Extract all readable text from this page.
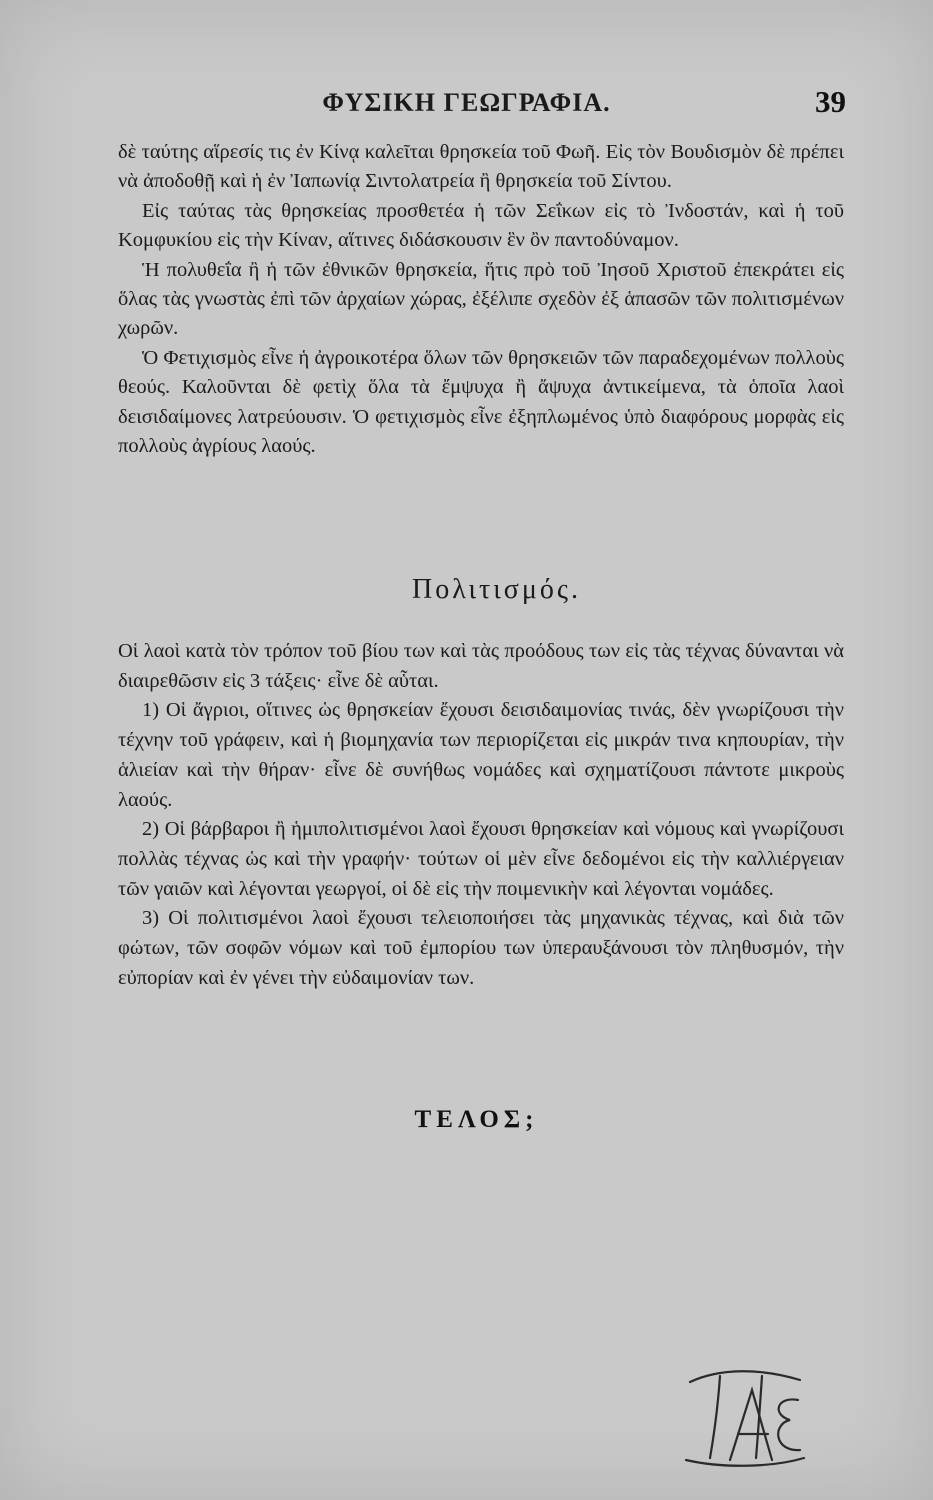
ΦΥΣΙΚΗ ΓΕΩΓΡΑΦΙΑ.	39

δὲ ταύτης αἵρεσίς τις ἐν Κίνᾳ καλεῖται θρησκεία τοῦ Φωῆ. Εἰς τὸν Βουδισμὸν δὲ πρέπει νὰ ἀποδοθῇ καὶ ἡ ἐν Ἰαπωνίᾳ Σιντολατρεία ἢ θρησκεία τοῦ Σίντου.

Εἰς ταύτας τὰς θρησκείας προσθετέα ἡ τῶν Σεΐκων εἰς τὸ Ἰνδοστάν, καὶ ἡ τοῦ Κομφυκίου εἰς τὴν Κίναν, αἵτινες διδάσκουσιν ἓν ὂν παντοδύναμον.

Ἡ πολυθεΐα ἢ ἡ τῶν ἐθνικῶν θρησκεία, ἥτις πρὸ τοῦ Ἰησοῦ Χριστοῦ ἐπεκράτει εἰς ὅλας τὰς γνωστὰς ἐπὶ τῶν ἀρχαίων χώρας, ἐξέλιπε σχεδὸν ἐξ ἁπασῶν τῶν πολιτισμένων χωρῶν.

Ὁ Φετιχισμὸς εἶνε ἡ ἀγροικοτέρα ὅλων τῶν θρησκειῶν τῶν παραδεχομένων πολλοὺς θεούς. Καλοῦνται δὲ φετὶχ ὅλα τὰ ἔμψυχα ἢ ἄψυχα ἀντικείμενα, τὰ ὁποῖα λαοὶ δεισιδαίμονες λατρεύουσιν. Ὁ φετιχισμὸς εἶνε ἐξηπλωμένος ὑπὸ διαφόρους μορφὰς εἰς πολλοὺς ἀγρίους λαούς.

Πολιτισμός.

Οἱ λαοὶ κατὰ τὸν τρόπον τοῦ βίου των καὶ τὰς προόδους των εἰς τὰς τέχνας δύνανται νὰ διαιρεθῶσιν εἰς 3 τάξεις· εἶνε δὲ αὗται.

1) Οἱ ἄγριοι, οἵτινες ὡς θρησκείαν ἔχουσι δεισιδαιμονίας τινάς, δὲν γνωρίζουσι τὴν τέχνην τοῦ γράφειν, καὶ ἡ βιομηχανία των περιορίζεται εἰς μικράν τινα κηπουρίαν, τὴν ἁλιείαν καὶ τὴν θήραν· εἶνε δὲ συνήθως νομάδες καὶ σχηματίζουσι πάντοτε μικροὺς λαούς.

2) Οἱ βάρβαροι ἢ ἡμιπολιτισμένοι λαοὶ ἔχουσι θρησκείαν καὶ νόμους καὶ γνωρίζουσι πολλὰς τέχνας ὡς καὶ τὴν γραφήν· τούτων οἱ μὲν εἶνε δεδομένοι εἰς τὴν καλλιέργειαν τῶν γαιῶν καὶ λέγονται γεωργοί, οἱ δὲ εἰς τὴν ποιμενικὴν καὶ λέγονται νομάδες.

3) Οἱ πολιτισμένοι λαοὶ ἔχουσι τελειοποιήσει τὰς μηχανικὰς τέχνας, καὶ διὰ τῶν φώτων, τῶν σοφῶν νόμων καὶ τοῦ ἐμπορίου των ὑπεραυξάνουσι τὸν πληθυσμόν, τὴν εὐπορίαν καὶ ἐν γένει τὴν εὐδαιμονίαν των.

ΤΕΛΟΣ;
